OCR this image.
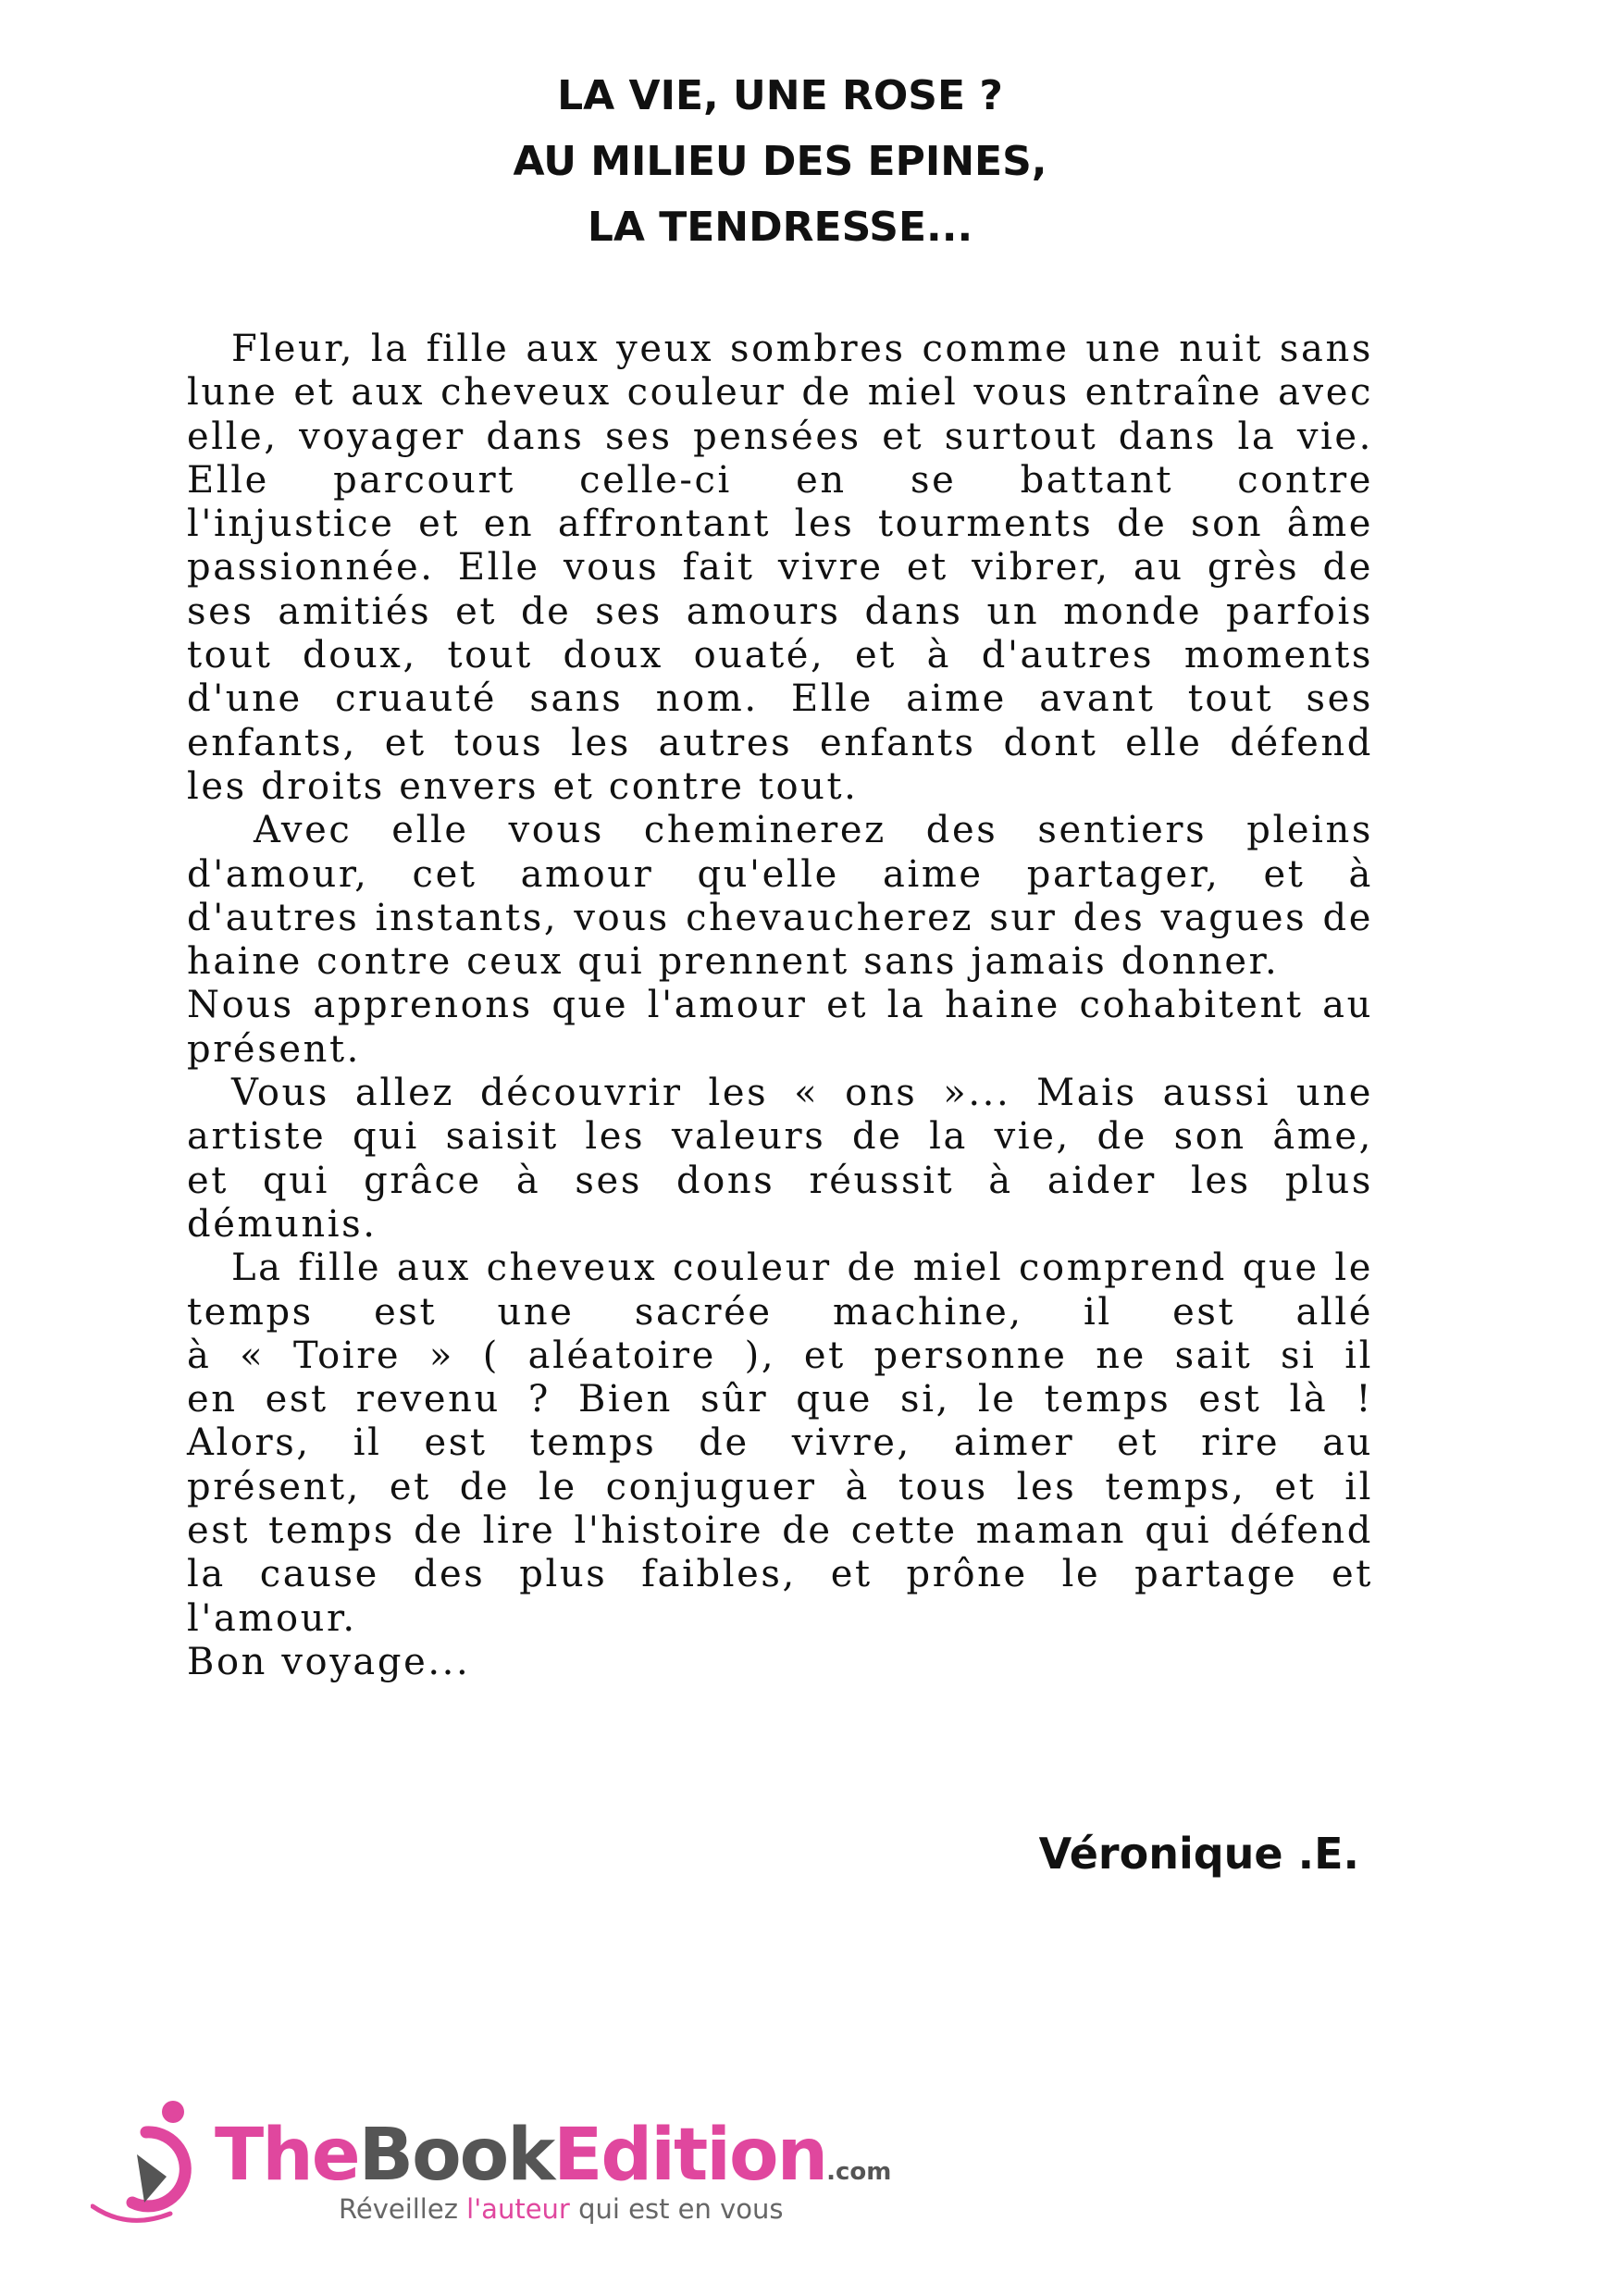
LA VIE, UNE ROSE ?
AU MILIEU DES EPINES,
LA TENDRESSE...
Fleur, la fille aux yeux sombres comme une nuit sans
lune et aux cheveux couleur de miel vous entraîne avec
elle, voyager dans ses pensées et surtout dans la vie.
Elle parcourt celle-ci en se battant contre
l'injustice et en affrontant les tourments de son âme
passionnée. Elle vous fait vivre et vibrer, au grès de
ses amitiés et de ses amours dans un monde parfois
tout doux, tout doux ouaté, et à d'autres moments
d'une cruauté sans nom. Elle aime avant tout ses
enfants, et tous les autres enfants dont elle défend
les droits envers et contre tout.
Avec elle vous cheminerez des sentiers pleins
d'amour, cet amour qu'elle aime partager, et à
d'autres instants, vous chevaucherez sur des vagues de
haine contre ceux qui prennent sans jamais donner.
Nous apprenons que l'amour et la haine cohabitent au
présent.
Vous allez découvrir les « ons »... Mais aussi une
artiste qui saisit les valeurs de la vie, de son âme,
et qui grâce à ses dons réussit à aider les plus
démunis.
La fille aux cheveux couleur de miel comprend que le
temps est une sacrée machine, il est allé
à « Toire » ( aléatoire ), et personne ne sait si il
en est revenu ? Bien sûr que si, le temps est là !
Alors, il est temps de vivre, aimer et rire au
présent, et de le conjuguer à tous les temps, et il
est temps de lire l'histoire de cette maman qui défend
la cause des plus faibles, et prône le partage et
l'amour.
Bon voyage...
Véronique .E.
TheBookEdition.com
Réveillez l'auteur qui est en vous
